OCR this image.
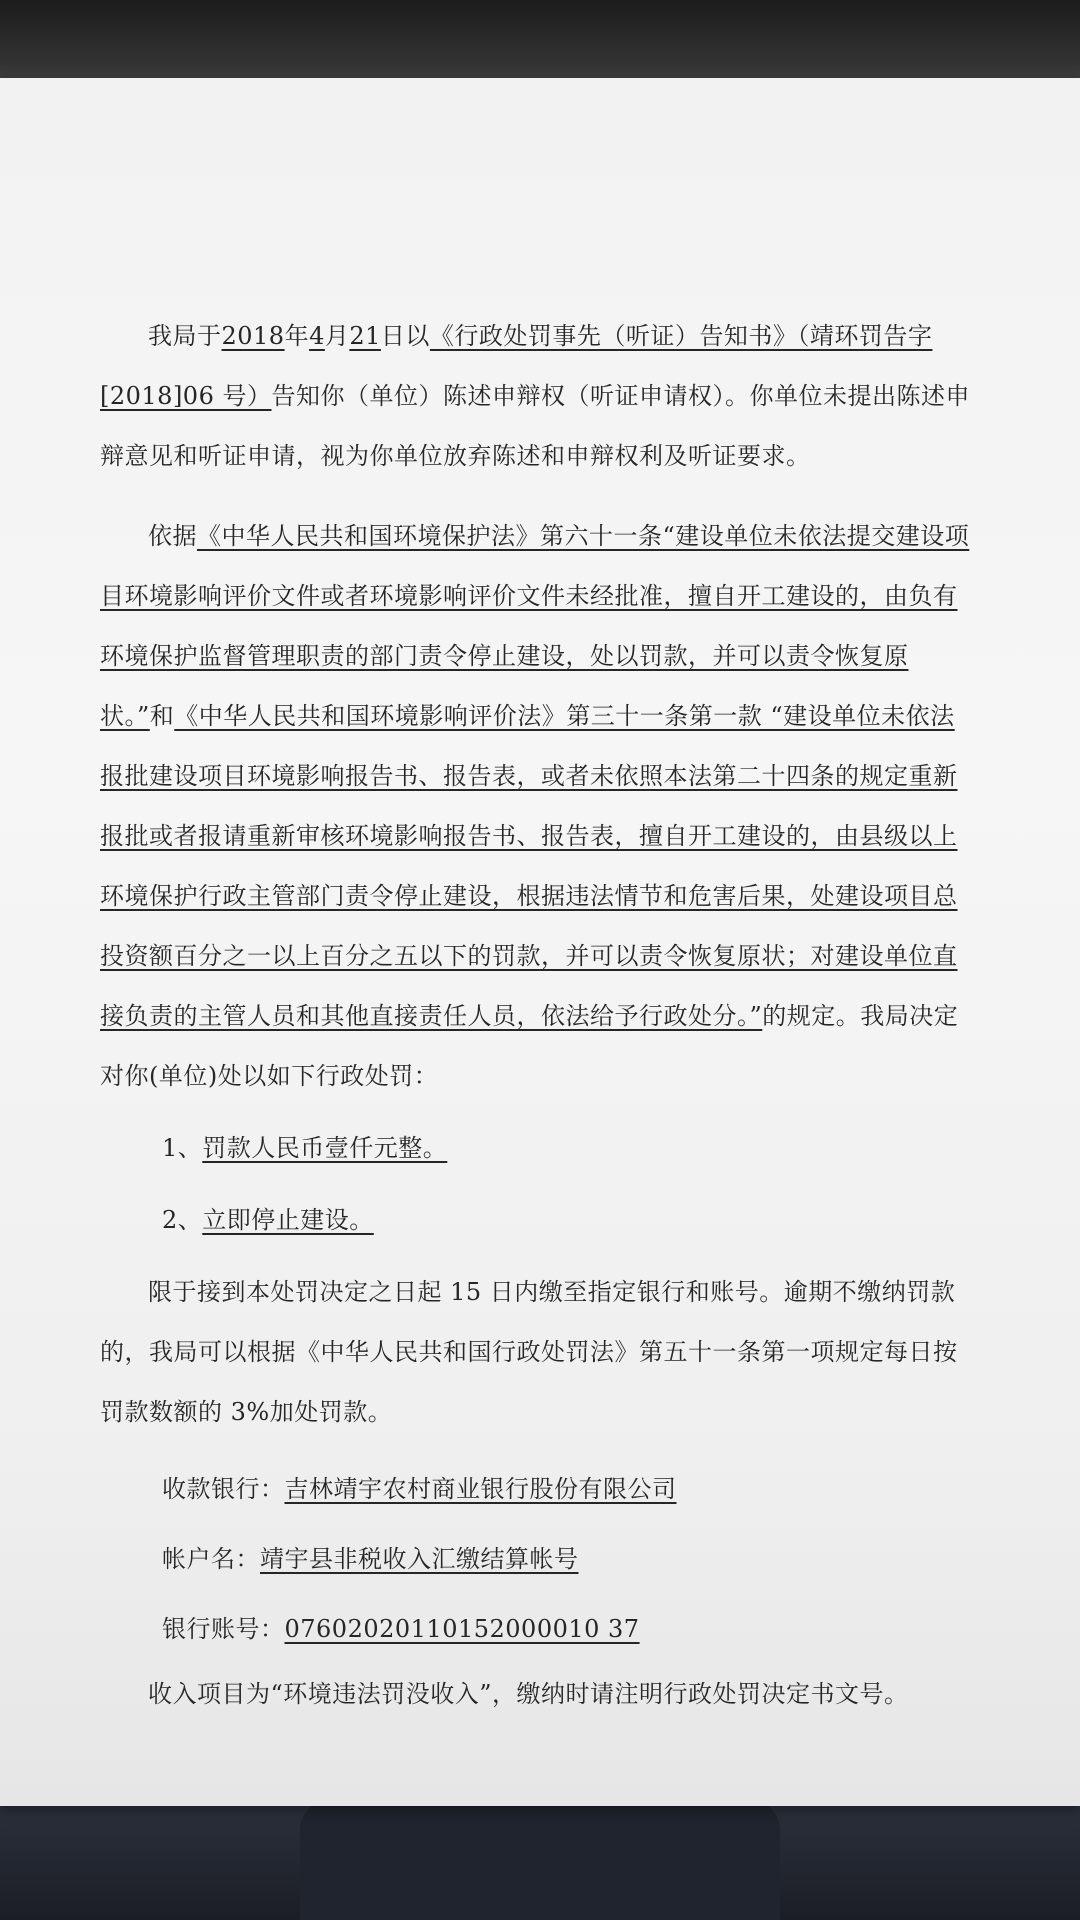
我局于2018年4月21日以《行政处罚事先（听证）告知书》（靖环罚告字[2018]06 号）告知你（单位）陈述申辩权（听证申请权）。你单位未提出陈述申辩意见和听证申请，视为你单位放弃陈述和申辩权利及听证要求。

依据《中华人民共和国环境保护法》第六十一条“建设单位未依法提交建设项目环境影响评价文件或者环境影响评价文件未经批准，擅自开工建设的，由负有环境保护监督管理职责的部门责令停止建设，处以罚款，并可以责令恢复原状。”和《中华人民共和国环境影响评价法》第三十一条第一款 “建设单位未依法报批建设项目环境影响报告书、报告表，或者未依照本法第二十四条的规定重新报批或者报请重新审核环境影响报告书、报告表，擅自开工建设的，由县级以上环境保护行政主管部门责令停止建设，根据违法情节和危害后果，处建设项目总投资额百分之一以上百分之五以下的罚款，并可以责令恢复原状；对建设单位直接负责的主管人员和其他直接责任人员，依法给予行政处分。”的规定。我局决定对你(单位)处以如下行政处罚：

1、罚款人民币壹仟元整。

2、立即停止建设。

限于接到本处罚决定之日起 15 日内缴至指定银行和账号。逾期不缴纳罚款的，我局可以根据《中华人民共和国行政处罚法》第五十一条第一项规定每日按罚款数额的 3%加处罚款。

收款银行：吉林靖宇农村商业银行股份有限公司

帐户名：靖宇县非税收入汇缴结算帐号

银行账号：07602020110152000010 37

收入项目为“环境违法罚没收入”，缴纳时请注明行政处罚决定书文号。
